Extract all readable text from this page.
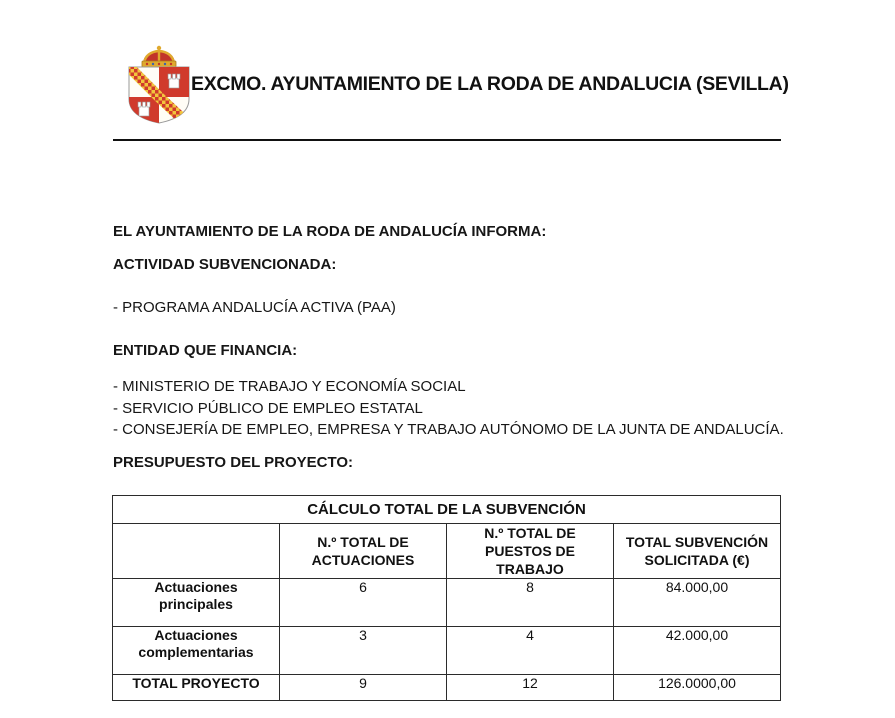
EXCMO. AYUNTAMIENTO DE LA RODA DE ANDALUCIA (SEVILLA)

EL AYUNTAMIENTO DE LA RODA DE ANDALUCÍA INFORMA:

ACTIVIDAD SUBVENCIONADA:

- PROGRAMA ANDALUCÍA ACTIVA (PAA)

ENTIDAD QUE FINANCIA:

- MINISTERIO DE TRABAJO Y ECONOMÍA SOCIAL
- SERVICIO PÚBLICO DE EMPLEO ESTATAL
- CONSEJERÍA DE EMPLEO, EMPRESA Y TRABAJO AUTÓNOMO DE LA JUNTA DE ANDALUCÍA.

PRESUPUESTO DEL PROYECTO:

CÁLCULO TOTAL DE LA SUBVENCIÓN			
	N.º TOTAL DE ACTUACIONES	N.º TOTAL DE PUESTOS DE TRABAJO	TOTAL SUBVENCIÓN SOLICITADA (€)
Actuaciones principales	6	8	84.000,00
Actuaciones complementarias	3	4	42.000,00
TOTAL PROYECTO	9	12	126.0000,00
